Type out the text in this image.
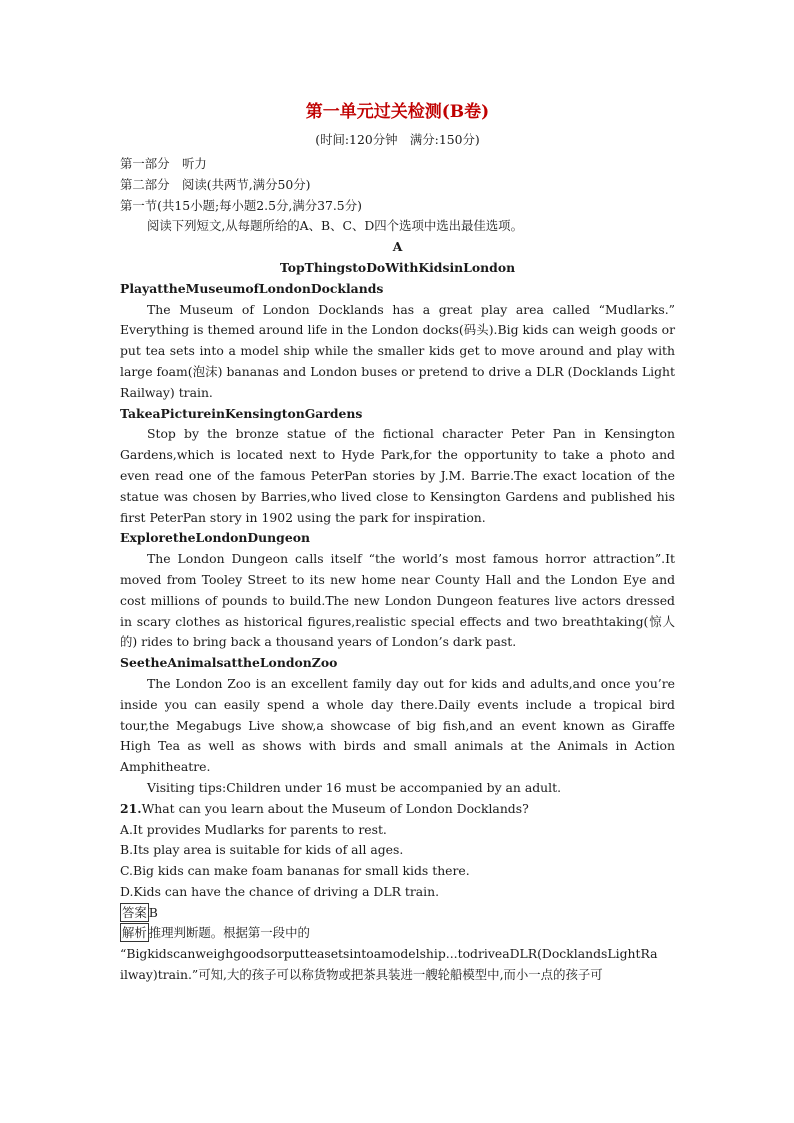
第一单元过关检测(B卷)
(时间:120分钟　满分:150分)
第一部分　听力
第二部分　阅读(共两节,满分50分)
第一节(共15小题;每小题2.5分,满分37.5分)
阅读下列短文,从每题所给的A、B、C、D四个选项中选出最佳选项。
A
TopThingstoDoWithKidsinLondon
PlayattheMuseumofLondonDocklands

The Museum of London Docklands has a great play area called “Mudlarks.” Everything is themed around life in the London docks(码头).Big kids can weigh goods or put tea sets into a model ship while the smaller kids get to move around and play with large foam(泡沫) bananas and London buses or pretend to drive a DLR (Docklands Light Railway) train.

TakeaPictureinKensingtonGardens

Stop by the bronze statue of the fictional character Peter Pan in Kensington Gardens,which is located next to Hyde Park,for the opportunity to take a photo and even read one of the famous PeterPan stories by J.M. Barrie.The exact location of the statue was chosen by Barries,who lived close to Kensington Gardens and published his first PeterPan story in 1902 using the park for inspiration.

ExploretheLondonDungeon

The London Dungeon calls itself “the world’s most famous horror attraction”.It moved from Tooley Street to its new home near County Hall and the London Eye and cost millions of pounds to build.The new London Dungeon features live actors dressed in scary clothes as historical figures,realistic special effects and two breathtaking(惊人的) rides to bring back a thousand years of London’s dark past.

SeetheAnimalsattheLondonZoo

The London Zoo is an excellent family day out for kids and adults,and once you’re inside you can easily spend a whole day there.Daily events include a tropical bird tour,the Megabugs Live show,a showcase of big fish,and an event known as Giraffe High Tea as well as shows with birds and small animals at the Animals in Action Amphitheatre.

Visiting tips:Children under 16 must be accompanied by an adult.

21.What can you learn about the Museum of London Docklands?

A.It provides Mudlarks for parents to rest.

B.Its play area is suitable for kids of all ages.

C.Big kids can make foam bananas for small kids there.

D.Kids can have the chance of driving a DLR train.

答案 B

解析 推理判断题。根据第一段中的

“Bigkidscanweighgoodsorputteasetsintoamodelship...todriveaDLR(DocklandsLightRa

ilway)train.”可知,大的孩子可以称货物或把茶具装进一艘轮船模型中,而小一点的孩子可
